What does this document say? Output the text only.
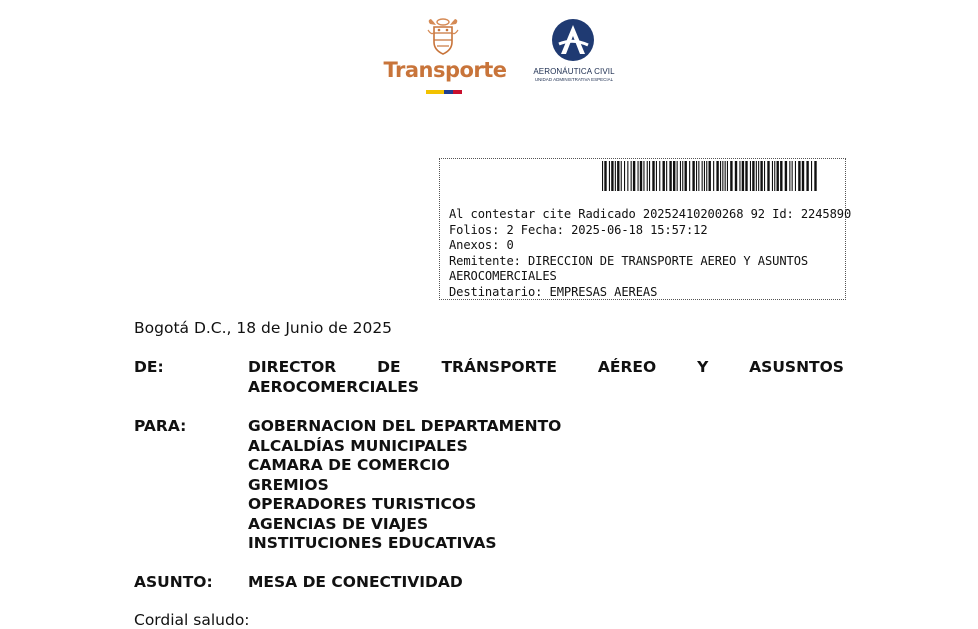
Transporte	AERONÁUTICA CIVIL
UNIDAD ADMINISTRATIVA ESPECIAL
Al contestar cite Radicado 20252410200268 92 Id: 2245890
Folios: 2 Fecha: 2025-06-18 15:57:12
Anexos: 0
Remitente: DIRECCION DE TRANSPORTE AEREO Y ASUNTOS
AEROCOMERCIALES
Destinatario: EMPRESAS AEREAS
Bogotá D.C., 18 de Junio de 2025
DE:	DIRECTOR	DE	TRÁNSPORTE	AÉREO	Y	ASUSNTOS
AEROCOMERCIALES
PARA:	GOBERNACION DEL DEPARTAMENTO
ALCALDÍAS MUNICIPALES
CAMARA DE COMERCIO
GREMIOS
OPERADORES TURISTICOS
AGENCIAS DE VIAJES
INSTITUCIONES EDUCATIVAS
ASUNTO: MESA DE CONECTIVIDAD
Cordial saludo:
